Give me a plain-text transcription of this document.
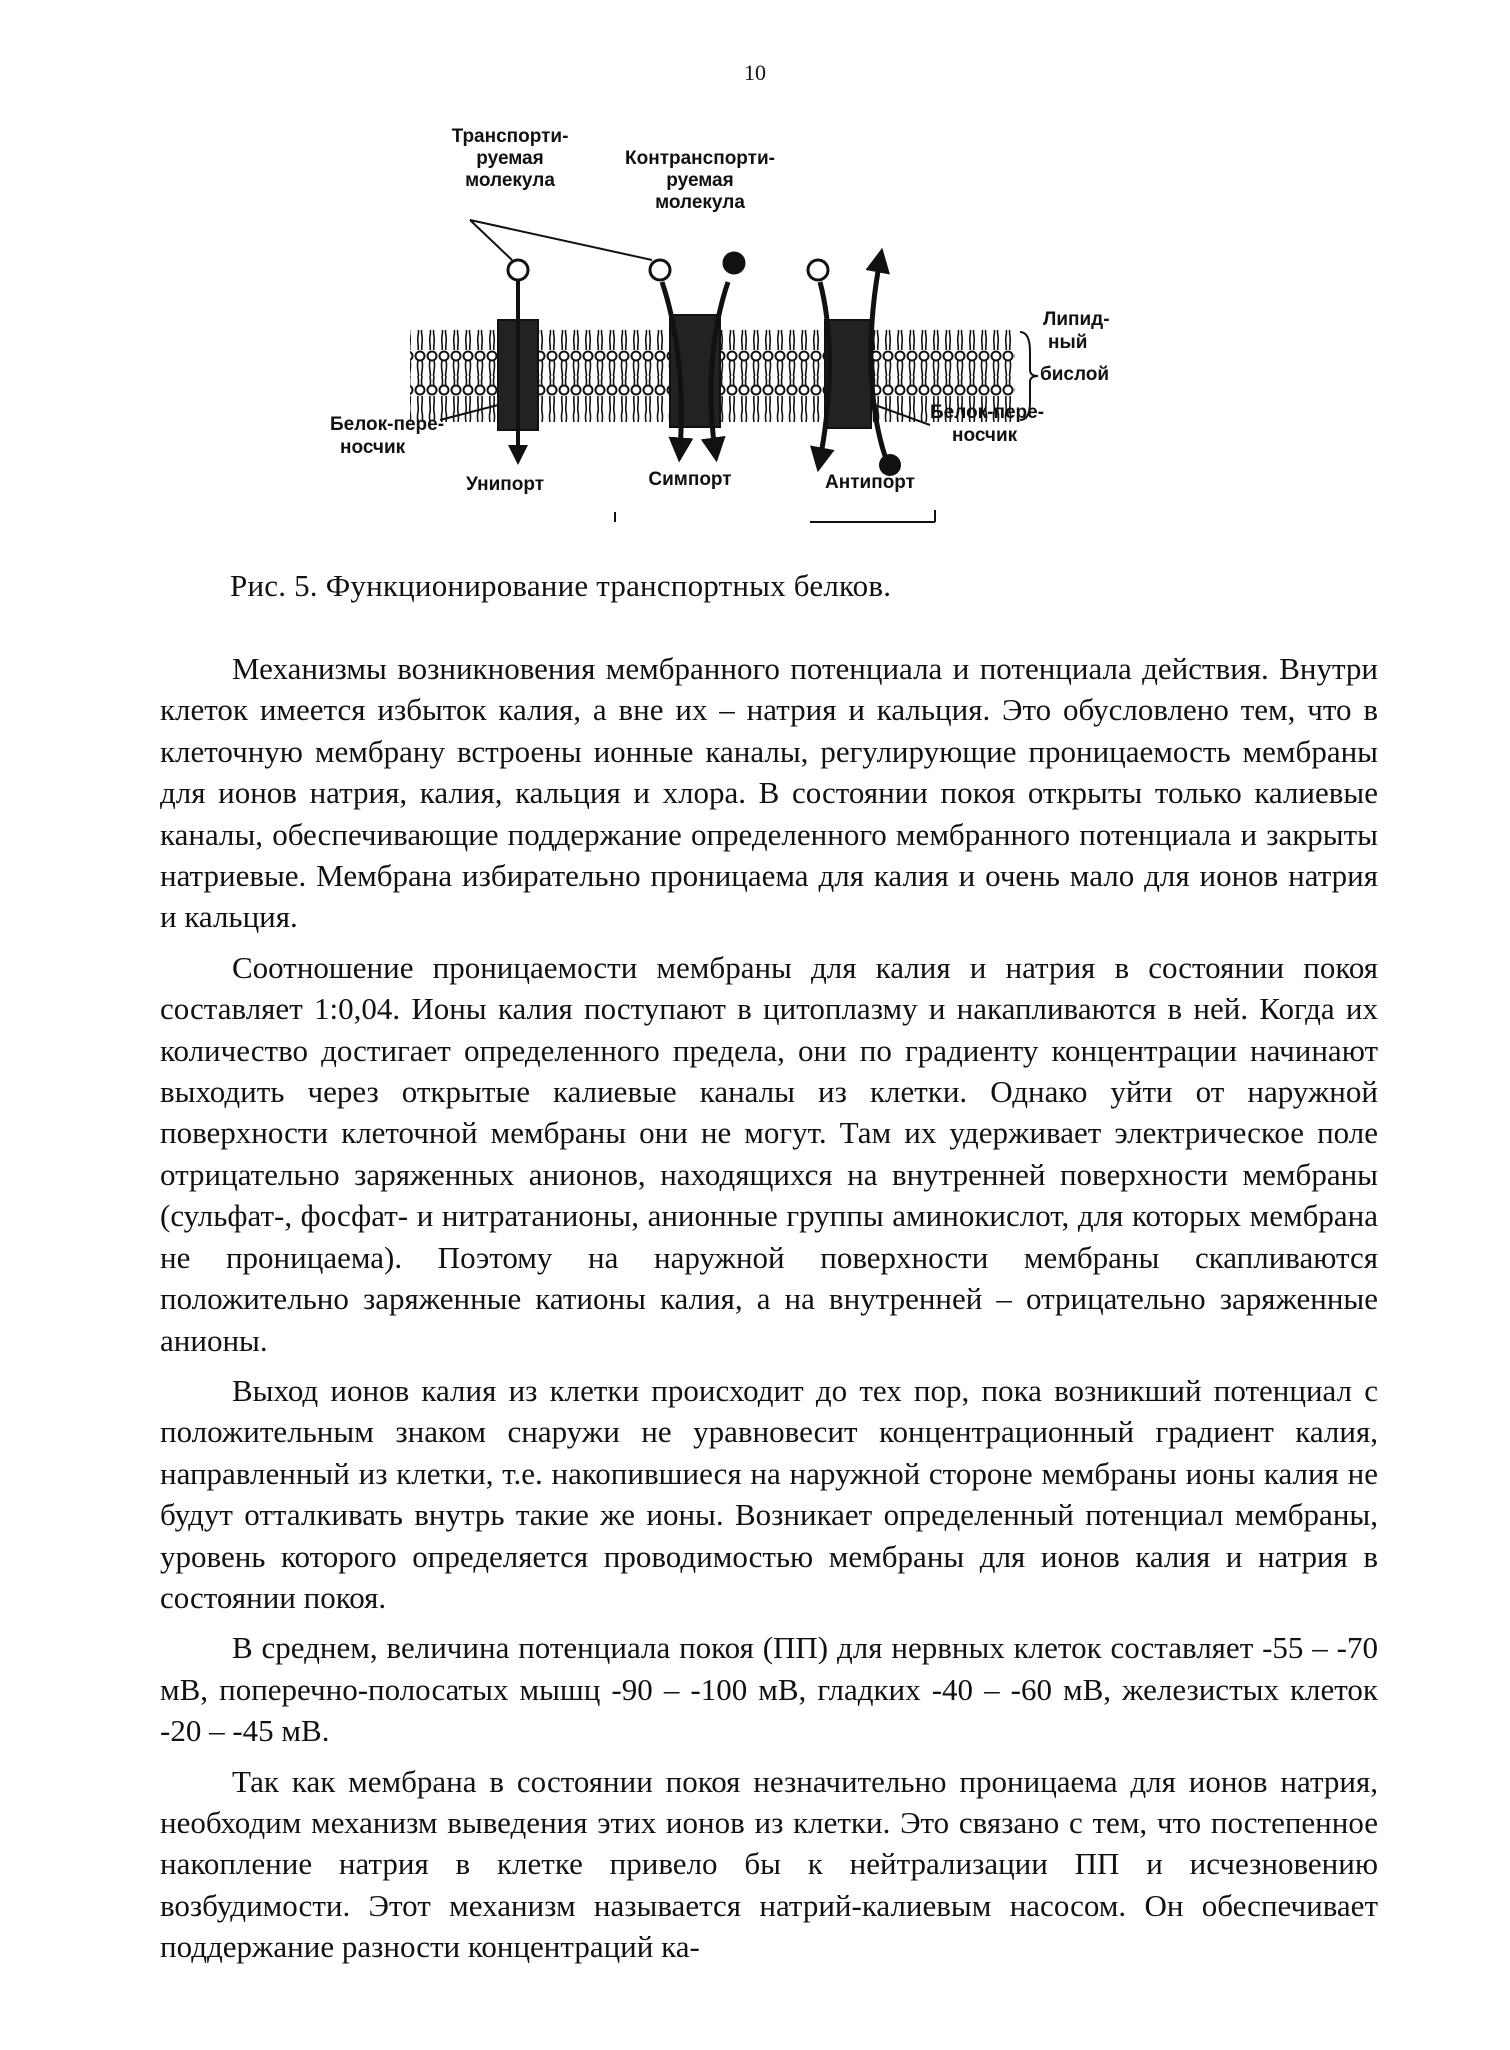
10
Транспорти-
руемая
молекула
Контранспорти-
руемая
молекула
Липид-
ный
бислой
Белок-пере-
носчик
Белок-пере-
носчик
Унипорт	Симпорт	Антипорт
Рис. 5. Функционирование транспортных белков.

Механизмы возникновения мембранного потенциала и потенциала действия. Внутри клеток имеется избыток калия, а вне их – натрия и кальция. Это обусловлено тем, что в клеточную мембрану встроены ионные каналы, регулирующие проницаемость мембраны для ионов натрия, калия, кальция и хлора. В состоянии покоя открыты только калиевые каналы, обеспечивающие поддержание определенного мембранного потенциала и закрыты натриевые. Мембрана избирательно проницаема для калия и очень мало для ионов натрия и кальция.

Соотношение проницаемости мембраны для калия и натрия в состоянии покоя составляет 1:0,04. Ионы калия поступают в цитоплазму и накапливаются в ней. Когда их количество достигает определенного предела, они по градиенту концентрации начинают выходить через открытые калиевые каналы из клетки. Однако уйти от наружной поверхности клеточной мембраны они не могут. Там их удерживает электрическое поле отрицательно заряженных анионов, находящихся на внутренней поверхности мембраны (сульфат-, фосфат- и нитратанионы, анионные группы аминокислот, для которых мембрана не проницаема). Поэтому на наружной поверхности мембраны скапливаются положительно заряженные катионы калия, а на внутренней – отрицательно заряженные анионы.

Выход ионов калия из клетки происходит до тех пор, пока возникший потенциал с положительным знаком снаружи не уравновесит концентрационный градиент калия, направленный из клетки, т.е. накопившиеся на наружной стороне мембраны ионы калия не будут отталкивать внутрь такие же ионы. Возникает определенный потенциал мембраны, уровень которого определяется проводимостью мембраны для ионов калия и натрия в состоянии покоя.

В среднем, величина потенциала покоя (ПП) для нервных клеток составляет -55 – -70 мВ, поперечно-полосатых мышц -90 – -100 мВ, гладких -40 – -60 мВ, железистых клеток -20 – -45 мВ.

Так как мембрана в состоянии покоя незначительно проницаема для ионов натрия, необходим механизм выведения этих ионов из клетки. Это связано с тем, что постепенное накопление натрия в клетке привело бы к нейтрализации ПП и исчезновению возбудимости. Этот механизм называется натрий-калиевым насосом. Он обеспечивает поддержание разности концентраций ка-
